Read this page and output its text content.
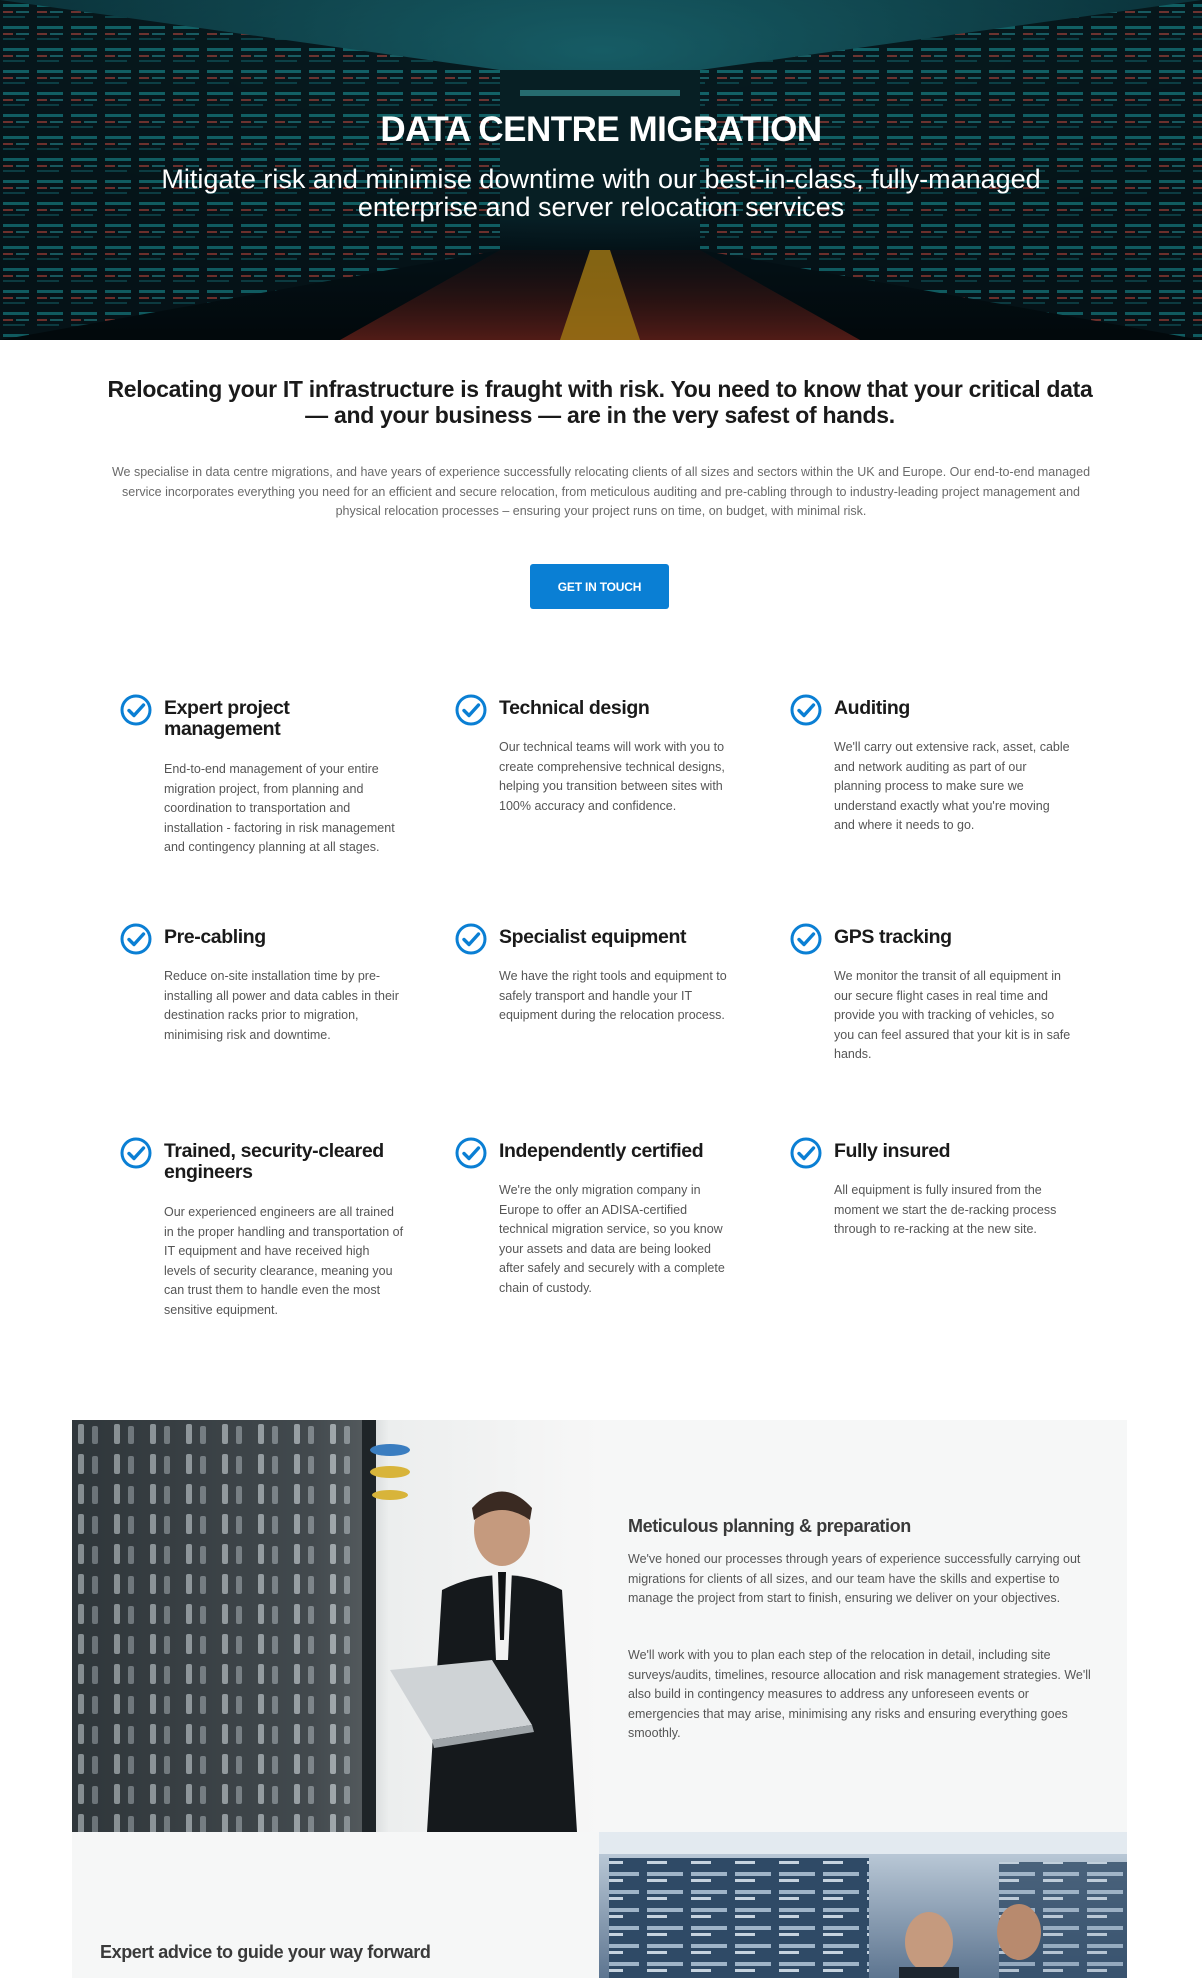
DATA CENTRE MIGRATION

Mitigate risk and minimise downtime with our best-in-class, fully-managed enterprise and server relocation services

Relocating your IT infrastructure is fraught with risk. You need to know that your critical data — and your business — are in the very safest of hands.

We specialise in data centre migrations, and have years of experience successfully relocating clients of all sizes and sectors within the UK and Europe. Our end-to-end managed service incorporates everything you need for an efficient and secure relocation, from meticulous auditing and pre-cabling through to industry-leading project management and physical relocation processes – ensuring your project runs on time, on budget, with minimal risk.

GET IN TOUCH
Expert project management

End-to-end management of your entire migration project, from planning and coordination to transportation and installation - factoring in risk management and contingency planning at all stages.

Technical design

Our technical teams will work with you to create comprehensive technical designs, helping you transition between sites with 100% accuracy and confidence.

Auditing

We'll carry out extensive rack, asset, cable and network auditing as part of our planning process to make sure we understand exactly what you're moving and where it needs to go.

Pre-cabling

Reduce on-site installation time by pre-installing all power and data cables in their destination racks prior to migration, minimising risk and downtime.

Specialist equipment

We have the right tools and equipment to safely transport and handle your IT equipment during the relocation process.

GPS tracking

We monitor the transit of all equipment in our secure flight cases in real time and provide you with tracking of vehicles, so you can feel assured that your kit is in safe hands.

Trained, security-cleared engineers

Our experienced engineers are all trained in the proper handling and transportation of IT equipment and have received high levels of security clearance, meaning you can trust them to handle even the most sensitive equipment.

Independently certified

We're the only migration company in Europe to offer an ADISA-certified technical migration service, so you know your assets and data are being looked after safely and securely with a complete chain of custody.

Fully insured

All equipment is fully insured from the moment we start the de-racking process through to re-racking at the new site.

Meticulous planning & preparation

We've honed our processes through years of experience successfully carrying out migrations for clients of all sizes, and our team have the skills and expertise to manage the project from start to finish, ensuring we deliver on your objectives.

We'll work with you to plan each step of the relocation in detail, including site surveys/audits, timelines, resource allocation and risk management strategies. We'll also build in contingency measures to address any unforeseen events or emergencies that may arise, minimising any risks and ensuring everything goes smoothly.

Expert advice to guide your way forward
